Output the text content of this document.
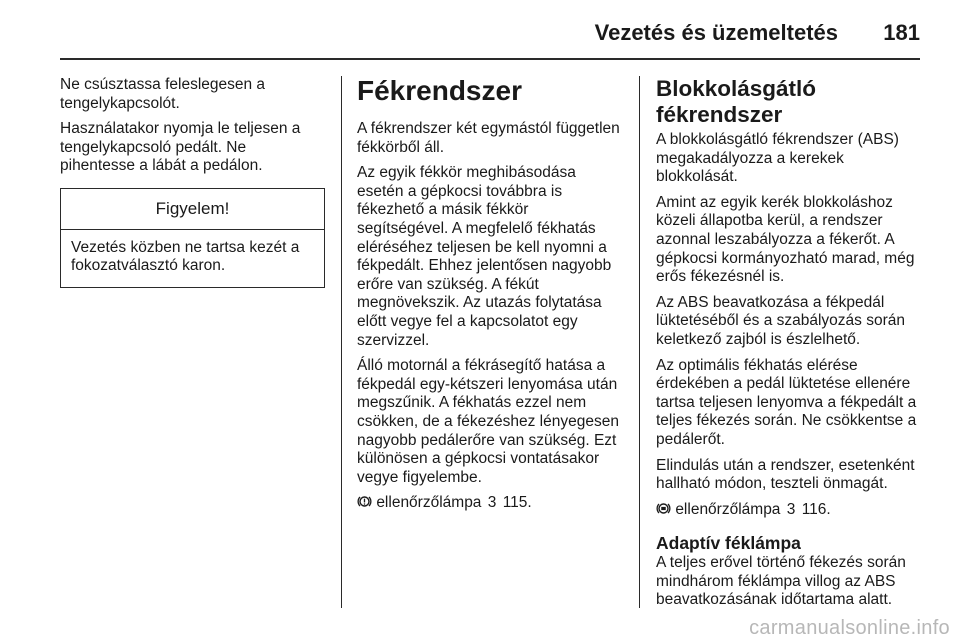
Vezetés és üzemeltetés 181

Ne csúsztassa feleslegesen a tengelykapcsolót.

Használatakor nyomja le teljesen a tengelykapcsoló pedált. Ne pihentesse a lábát a pedálon.

Figyelem!
Vezetés közben ne tartsa kezét a fokozatválasztó karon.
Fékrendszer

A fékrendszer két egymástól független fékkörből áll.

Az egyik fékkör meghibásodása esetén a gépkocsi továbbra is fékezhető a másik fékkör segítségével. A megfelelő fékhatás eléréséhez teljesen be kell nyomni a fékpedált. Ehhez jelentősen nagyobb erőre van szükség. A fékút megnövekszik. Az utazás folytatása előtt vegye fel a kapcsolatot egy szervizzel.

Álló motornál a fékrásegítő hatása a fékpedál egy-kétszeri lenyomása után megszűnik. A fékhatás ezzel nem csökken, de a fékezéshez lényegesen nagyobb pedálerőre van szükség. Ezt különösen a gépkocsi vontatásakor vegye figyelembe.

ellenőrzőlámpa 3 115.

Blokkolásgátló fékrendszer

A blokkolásgátló fékrendszer (ABS) megakadályozza a kerekek blokkolását.

Amint az egyik kerék blokkoláshoz közeli állapotba kerül, a rendszer azonnal leszabályozza a fékerőt. A gépkocsi kormányozható marad, még erős fékezésnél is.

Az ABS beavatkozása a fékpedál lüktetéséből és a szabályozás során keletkező zajból is észlelhető.

Az optimális fékhatás elérése érdekében a pedál lüktetése ellenére tartsa teljesen lenyomva a fékpedált a teljes fékezés során. Ne csökkentse a pedálerőt.

Elindulás után a rendszer, esetenként hallható módon, teszteli önmagát.

ellenőrzőlámpa 3 116.

Adaptív féklámpa

A teljes erővel történő fékezés során mindhárom féklámpa villog az ABS beavatkozásának időtartama alatt.

carmanualsonline.info
